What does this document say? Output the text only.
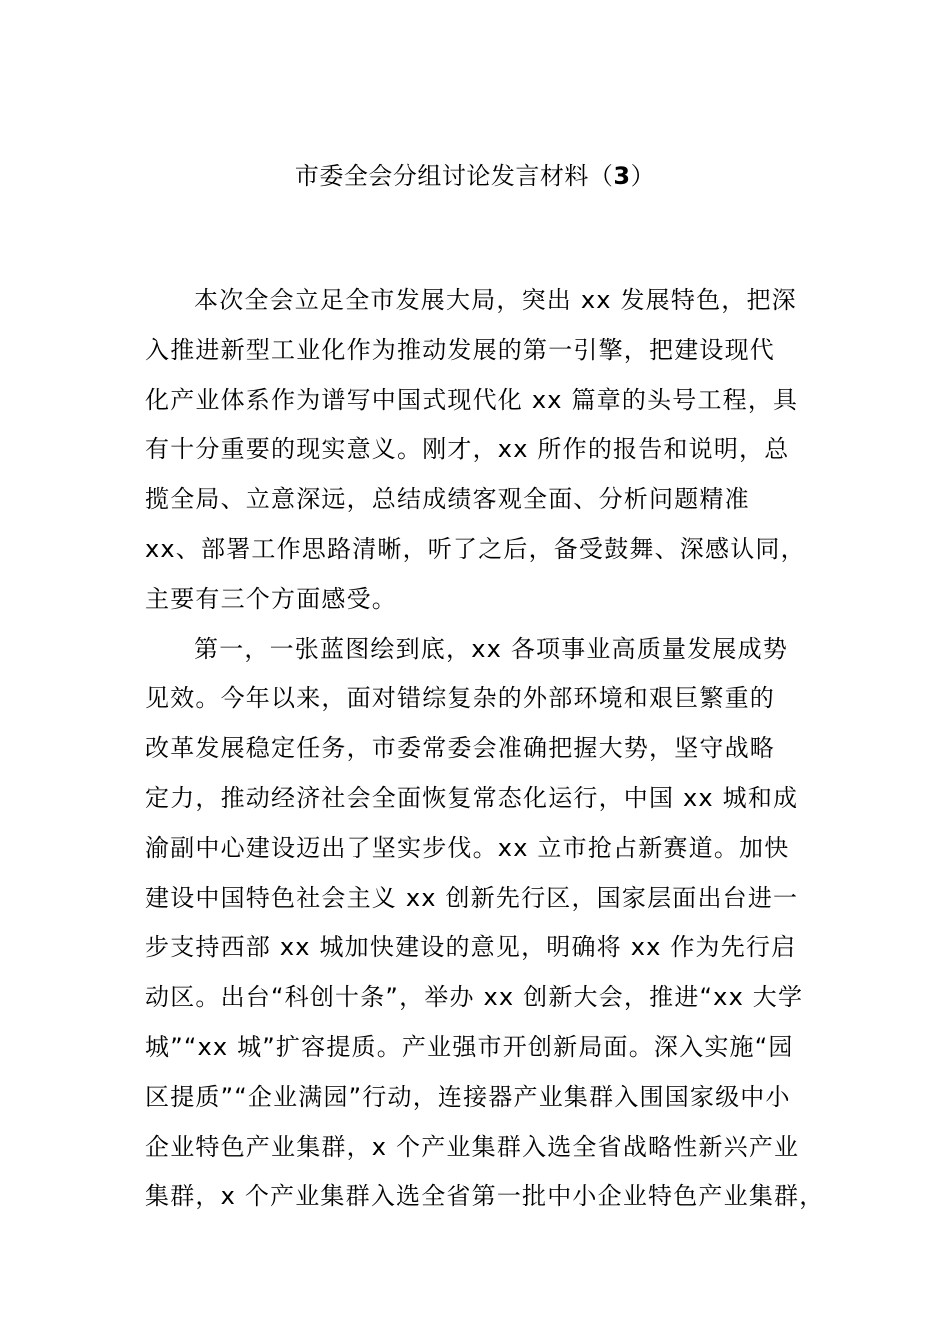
市委全会分组讨论发言材料（3）
本次全会立足全市发展大局，突出 xx 发展特色，把深
入推进新型工业化作为推动发展的第一引擎，把建设现代
化产业体系作为谱写中国式现代化 xx 篇章的头号工程，具
有十分重要的现实意义。刚才，xx 所作的报告和说明，总
揽全局、立意深远，总结成绩客观全面、分析问题精准
xx、部署工作思路清晰，听了之后，备受鼓舞、深感认同，
主要有三个方面感受。
第一，一张蓝图绘到底，xx 各项事业高质量发展成势
见效。今年以来，面对错综复杂的外部环境和艰巨繁重的
改革发展稳定任务，市委常委会准确把握大势，坚守战略
定力，推动经济社会全面恢复常态化运行，中国 xx 城和成
渝副中心建设迈出了坚实步伐。xx 立市抢占新赛道。加快
建设中国特色社会主义 xx 创新先行区，国家层面出台进一
步支持西部 xx 城加快建设的意见，明确将 xx 作为先行启
动区。出台“科创十条”，举办 xx 创新大会，推进“xx 大学
城”“xx 城”扩容提质。产业强市开创新局面。深入实施“园
区提质”“企业满园”行动，连接器产业集群入围国家级中小
企业特色产业集群，x 个产业集群入选全省战略性新兴产业
集群，x 个产业集群入选全省第一批中小企业特色产业集群，
